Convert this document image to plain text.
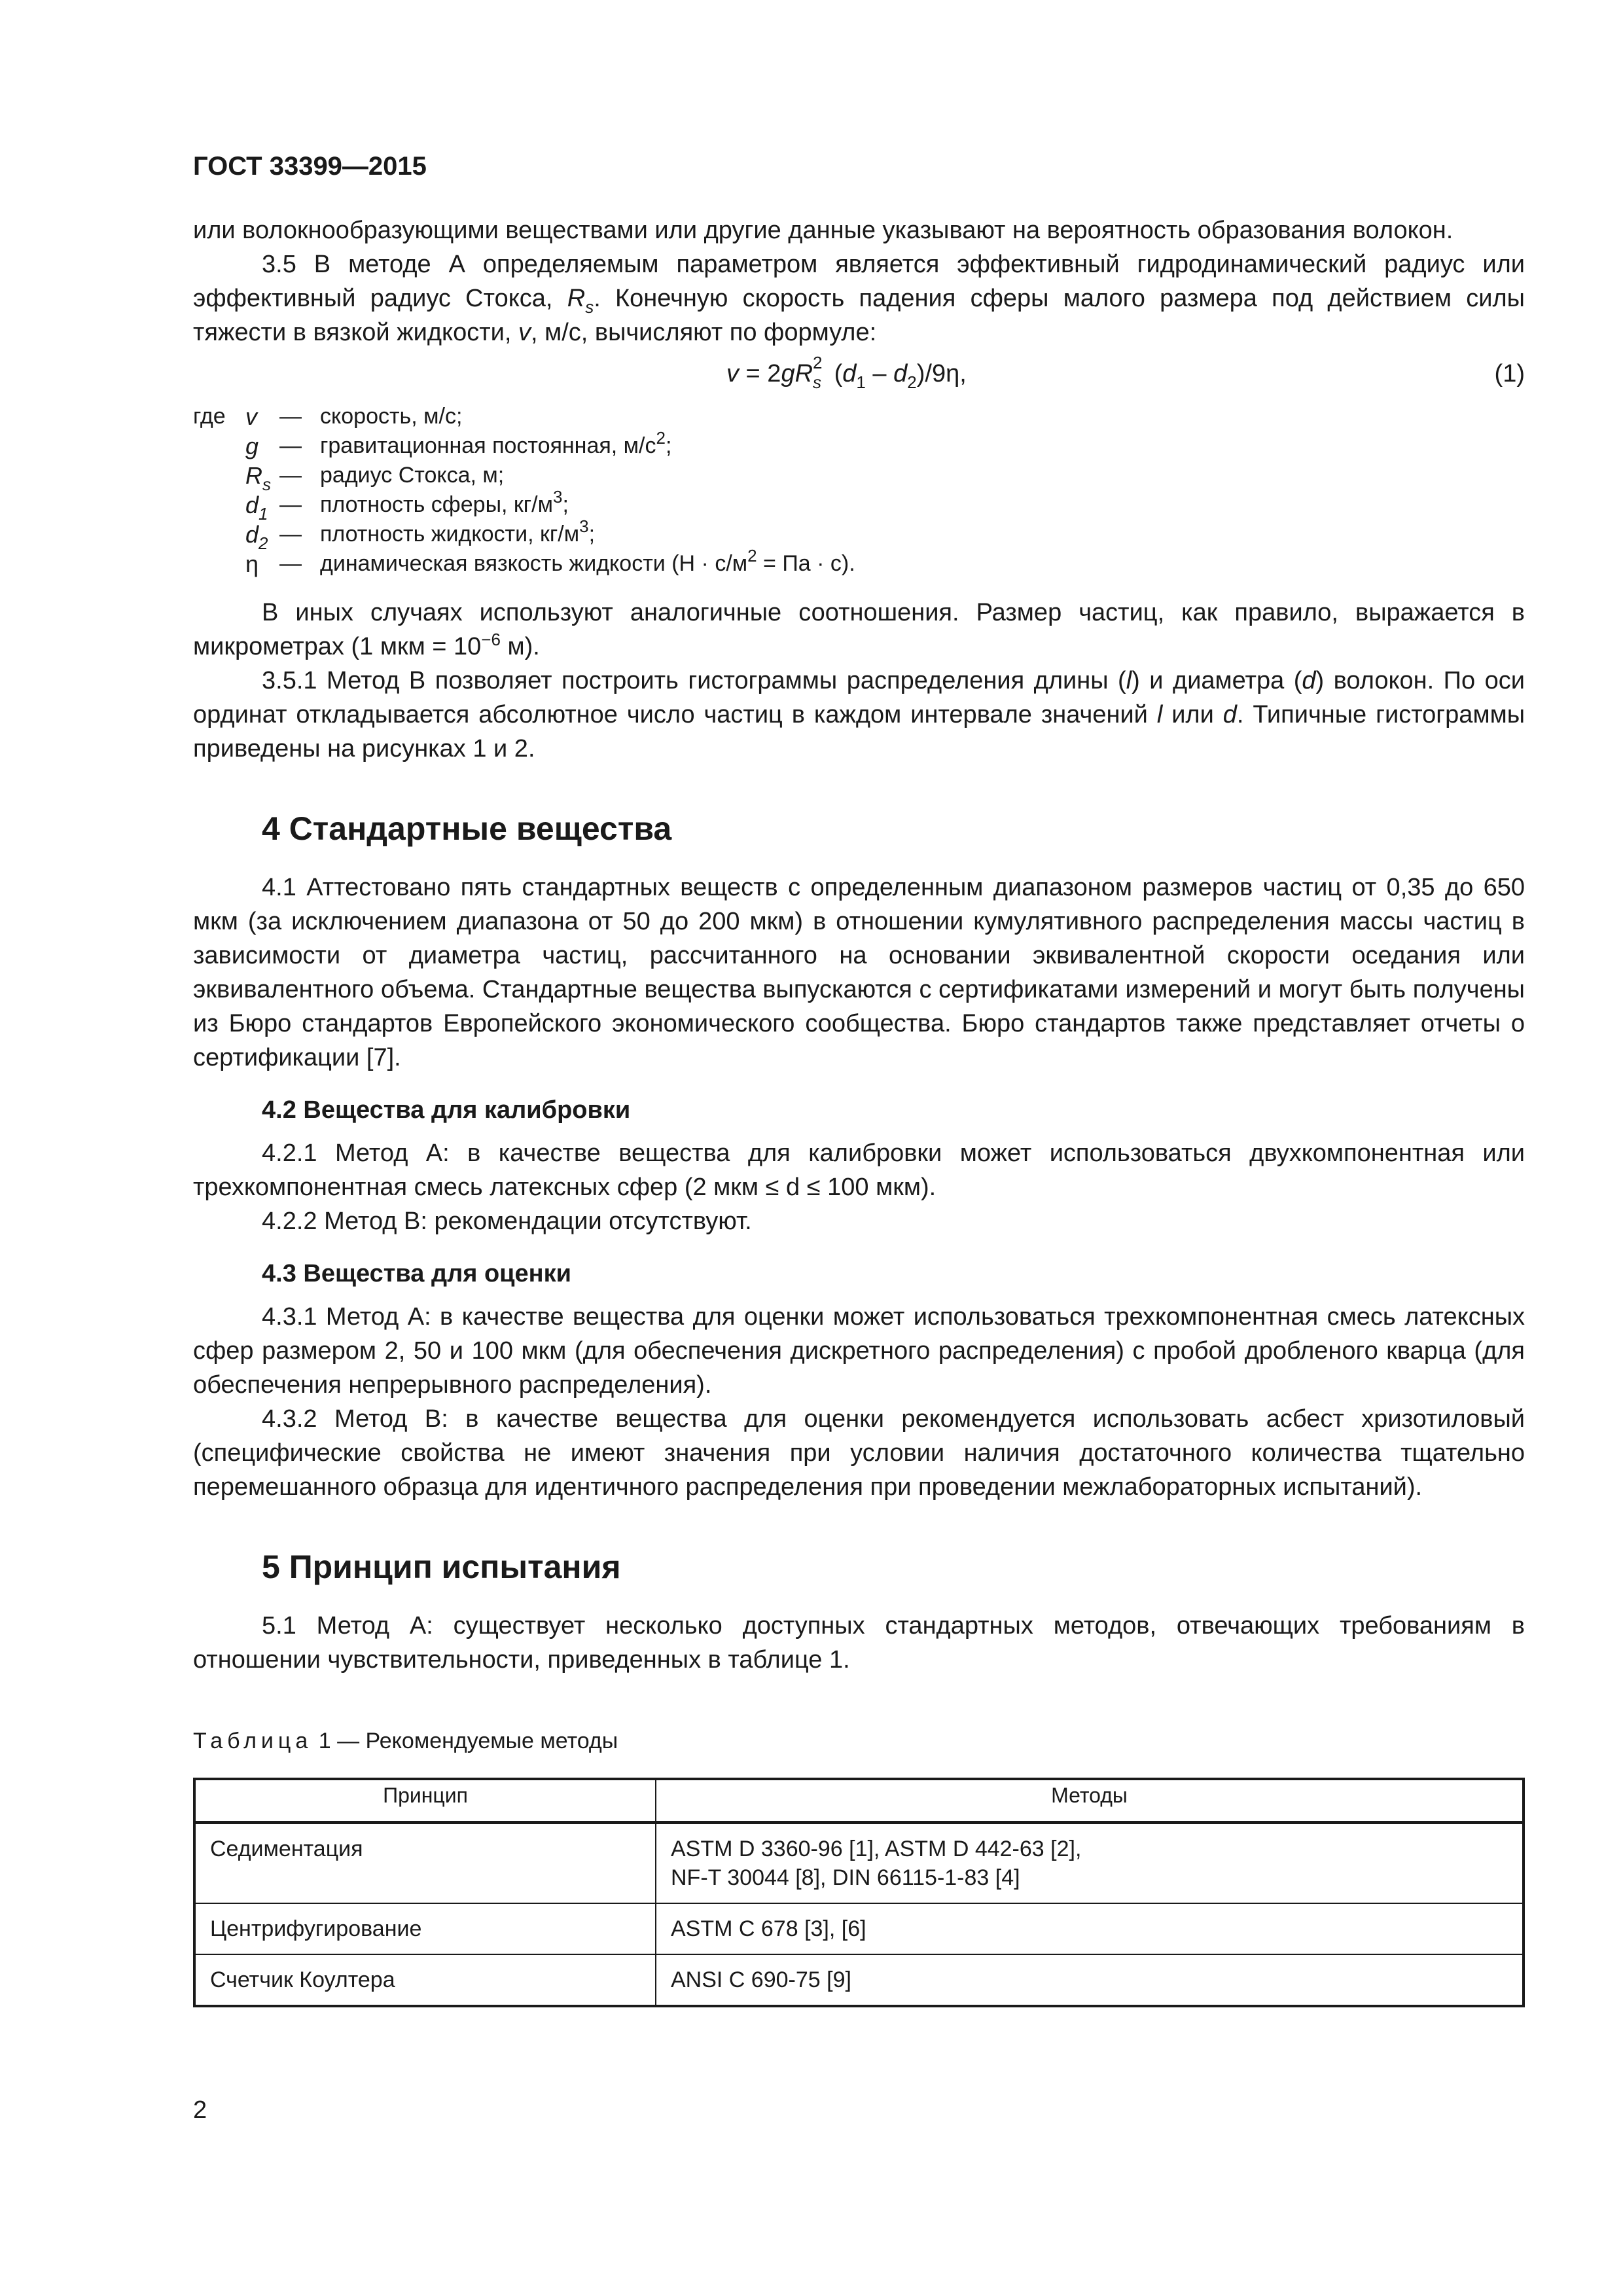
ГОСТ 33399—2015

или волокнообразующими веществами или другие данные указывают на вероятность образования волокон.

3.5 В методе А определяемым параметром является эффективный гидродинамический радиус или эффективный радиус Стокса, $R_s$. Конечную скорость падения сферы малого размера под действием силы тяжести в вязкой жидкости, v, м/с, вычисляют по формуле:

v = 2gR 2
s $(d_1 - d_2)/9\eta$,	(1)
где v	— скорость, м/с;
g — гравитационная постоянная, $м/с^2$;
$R_s$ — радиус Стокса, м;
$d_1$ — плотность сферы, $кг/м^3$;
$d_2$ — плотность жидкости, $кг/м^3$;
η — динамическая вязкость жидкости ($Н \cdot с/м^2$ = Па · с).

В иных случаях используют аналогичные соотношения. Размер частиц, как правило, выражается в микрометрах (1 мкм = $10^{-6}$ м).

3.5.1 Метод В позволяет построить гистограммы распределения длины (l) и диаметра (d) волокон. По оси ординат откладывается абсолютное число частиц в каждом интервале значений l или d. Типичные гистограммы приведены на рисунках 1 и 2.

4 Стандартные вещества

4.1 Аттестовано пять стандартных веществ с определенным диапазоном размеров частиц от 0,35 до 650 мкм (за исключением диапазона от 50 до 200 мкм) в отношении кумулятивного распределения массы частиц в зависимости от диаметра частиц, рассчитанного на основании эквивалентной скорости оседания или эквивалентного объема. Стандартные вещества выпускаются с сертификатами измерений и могут быть получены из Бюро стандартов Европейского экономического сообщества. Бюро стандартов также представляет отчеты о сертификации [7].

4.2 Вещества для калибровки

4.2.1 Метод А: в качестве вещества для калибровки может использоваться двухкомпонентная или трехкомпонентная смесь латексных сфер (2 мкм ≤ d ≤ 100 мкм).

4.2.2 Метод В: рекомендации отсутствуют.

4.3 Вещества для оценки

4.3.1 Метод А: в качестве вещества для оценки может использоваться трехкомпонентная смесь латексных сфер размером 2, 50 и 100 мкм (для обеспечения дискретного распределения) с пробой дробленого кварца (для обеспечения непрерывного распределения).

4.3.2 Метод В: в качестве вещества для оценки рекомендуется использовать асбест хризотиловый (специфические свойства не имеют значения при условии наличия достаточного количества тщательно перемешанного образца для идентичного распределения при проведении межлабораторных испытаний).

5 Принцип испытания

5.1 Метод А: существует несколько доступных стандартных методов, отвечающих требованиям в отношении чувствительности, приведенных в таблице 1.

Таблица 1 — Рекомендуемые методы
Принцип	Методы
Седиментация	ASTM D 3360-96 [1], ASTM D 442-63 [2],
NF-T 30044 [8], DIN 66115-1-83 [4]

Центрифугирование	ASTM C 678 [3], [6]

Счетчик Коултера	ANSI C 690-75 [9]
2
